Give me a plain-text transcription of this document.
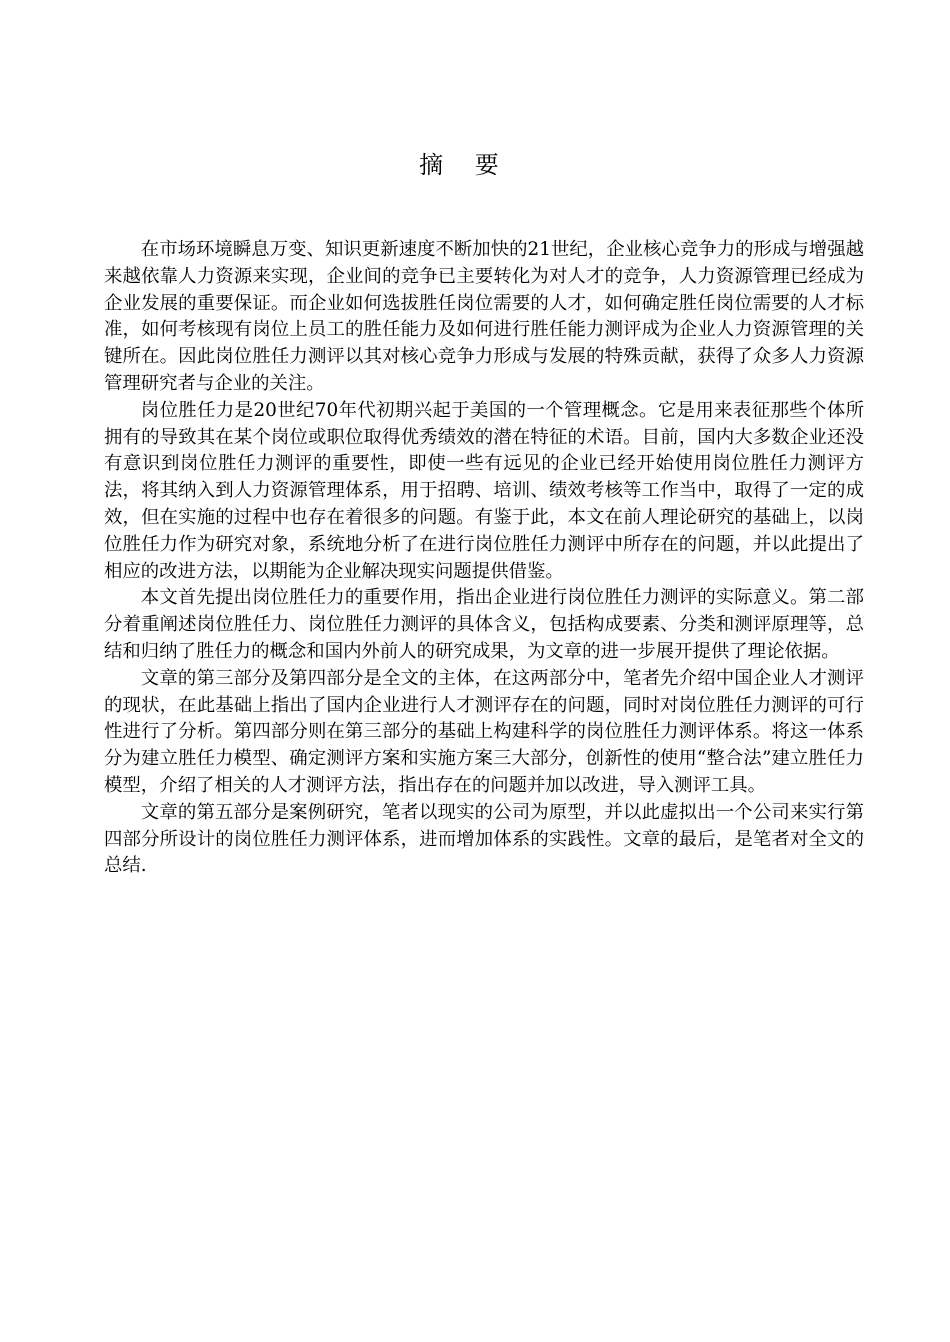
摘 要

在市场环境瞬息万变、知识更新速度不断加快的21世纪，企业核心竞争力的形成与增强越来越依靠人力资源来实现，企业间的竞争已主要转化为对人才的竞争，人力资源管理已经成为企业发展的重要保证。而企业如何选拔胜任岗位需要的人才，如何确定胜任岗位需要的人才标准，如何考核现有岗位上员工的胜任能力及如何进行胜任能力测评成为企业人力资源管理的关键所在。因此岗位胜任力测评以其对核心竞争力形成与发展的特殊贡献，获得了众多人力资源管理研究者与企业的关注。

岗位胜任力是20世纪70年代初期兴起于美国的一个管理概念。它是用来表征那些个体所拥有的导致其在某个岗位或职位取得优秀绩效的潜在特征的术语。目前，国内大多数企业还没有意识到岗位胜任力测评的重要性，即使一些有远见的企业已经开始使用岗位胜任力测评方法，将其纳入到人力资源管理体系，用于招聘、培训、绩效考核等工作当中，取得了一定的成效，但在实施的过程中也存在着很多的问题。有鉴于此，本文在前人理论研究的基础上，以岗位胜任力作为研究对象，系统地分析了在进行岗位胜任力测评中所存在的问题，并以此提出了相应的改进方法，以期能为企业解决现实问题提供借鉴。

本文首先提出岗位胜任力的重要作用，指出企业进行岗位胜任力测评的实际意义。第二部分着重阐述岗位胜任力、岗位胜任力测评的具体含义，包括构成要素、分类和测评原理等，总结和归纳了胜任力的概念和国内外前人的研究成果，为文章的进一步展开提供了理论依据。

文章的第三部分及第四部分是全文的主体，在这两部分中，笔者先介绍中国企业人才测评的现状，在此基础上指出了国内企业进行人才测评存在的问题，同时对岗位胜任力测评的可行性进行了分析。第四部分则在第三部分的基础上构建科学的岗位胜任力测评体系。将这一体系分为建立胜任力模型、确定测评方案和实施方案三大部分，创新性的使用“整合法”建立胜任力模型，介绍了相关的人才测评方法，指出存在的问题并加以改进，导入测评工具。

文章的第五部分是案例研究，笔者以现实的公司为原型，并以此虚拟出一个公司来实行第四部分所设计的岗位胜任力测评体系，进而增加体系的实践性。文章的最后，是笔者对全文的总结.
